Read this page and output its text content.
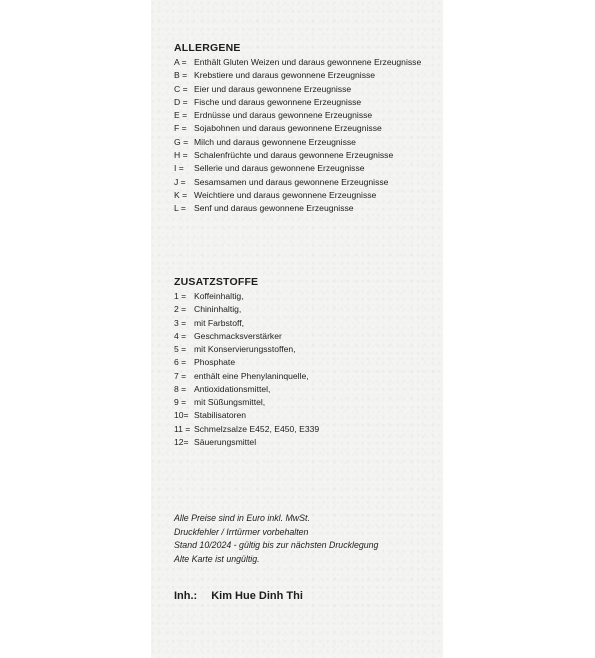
ALLERGENE
A = Enthält Gluten Weizen und daraus gewonnene Erzeugnisse
B = Krebstiere und daraus gewonnene Erzeugnisse
C = Eier und daraus gewonnene Erzeugnisse
D = Fische und daraus gewonnene Erzeugnisse
E = Erdnüsse und daraus gewonnene Erzeugnisse
F = Sojabohnen und daraus gewonnene Erzeugnisse
G = Milch und daraus gewonnene Erzeugnisse
H = Schalenfrüchte und daraus gewonnene Erzeugnisse
I = Sellerie und daraus gewonnene Erzeugnisse
J = Sesamsamen und daraus gewonnene Erzeugnisse
K = Weichtiere und daraus gewonnene Erzeugnisse
L = Senf und daraus gewonnene Erzeugnisse
ZUSATZSTOFFE
1 = Koffeinhaltig,
2 = Chininhaltig,
3 = mit Farbstoff,
4 = Geschmacksverstärker
5 = mit Konservierungsstoffen,
6 = Phosphate
7 = enthält eine Phenylaninquelle,
8 = Antioxidationsmittel,
9 = mit Süßungsmittel,
10= Stabilisatoren
11 = Schmelzsalze E452, E450, E339
12= Säuerungsmittel
Alle Preise sind in Euro inkl. MwSt.
Druckfehler / Irrtürmer vorbehalten
Stand 10/2024 - gültig bis zur nächsten Drucklegung
Alte Karte ist ungültig.
Inh.: Kim Hue Dinh Thi
